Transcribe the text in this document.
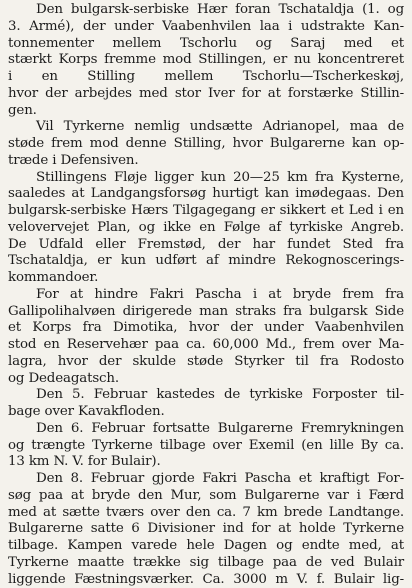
Den bulgarsk-serbiske Hær foran Tschataldja (1. og
3. Armé), der under Vaabenhvilen laa i udstrakte Kan-
tonnementer mellem Tschorlu og Saraj med et
stærkt Korps fremme mod Stillingen, er nu koncentreret
i en Stilling mellem Tschorlu—Tscherkeskøj,
hvor der arbejdes med stor Iver for at forstærke Stillin-
gen.
Vil Tyrkerne nemlig undsætte Adrianopel, maa de
støde frem mod denne Stilling, hvor Bulgarerne kan op-
træde i Defensiven.
Stillingens Fløje ligger kun 20—25 km fra Kysterne,
saaledes at Landgangsforsøg hurtigt kan imødegaas. Den
bulgarsk-serbiske Hærs Tilgagegang er sikkert et Led i en
velovervejet Plan, og ikke en Følge af tyrkiske Angreb.
De Udfald eller Fremstød, der har fundet Sted fra
Tschataldja, er kun udført af mindre Rekognoscerings-
kommandoer.
For at hindre Fakri Pascha i at bryde frem fra
Gallipolihalvøen dirigerede man straks fra bulgarsk Side
et Korps fra Dimotika, hvor der under Vaabenhvilen
stod en Reservehær paa ca. 60,000 Md., frem over Ma-
lagra, hvor der skulde støde Styrker til fra Rodosto
og Dedeagatsch.
Den 5. Februar kastedes de tyrkiske Forposter til-
bage over Kavakfloden.
Den 6. Februar fortsatte Bulgarerne Fremrykningen
og trængte Tyrkerne tilbage over Exemil (en lille By ca.
13 km N. V. for Bulair).
Den 8. Februar gjorde Fakri Pascha et kraftigt For-
søg paa at bryde den Mur, som Bulgarerne var i Færd
med at sætte tværs over den ca. 7 km brede Landtange.
Bulgarerne satte 6 Divisioner ind for at holde Tyrkerne
tilbage. Kampen varede hele Dagen og endte med, at
Tyrkerne maatte trække sig tilbage paa de ved Bulair
liggende Fæstningsværker. Ca. 3000 m V. f. Bulair lig-
